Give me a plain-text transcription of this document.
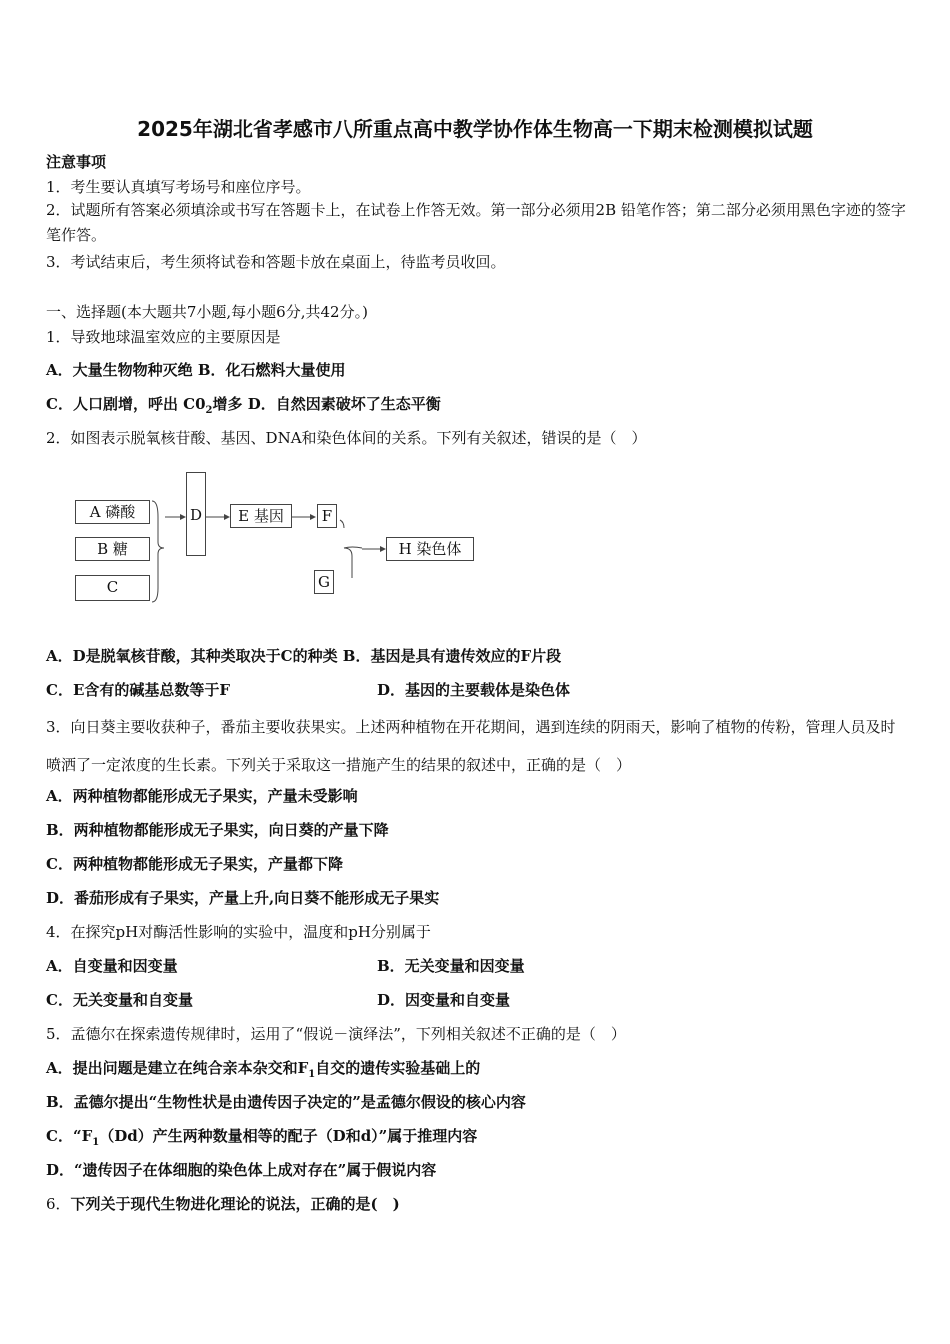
2025年湖北省孝感市八所重点高中教学协作体生物高一下期末检测模拟试题
注意事项
1．考生要认真填写考场号和座位序号。
2．试题所有答案必须填涂或书写在答题卡上，在试卷上作答无效。第一部分必须用2B 铅笔作答；第二部分必须用黑色字迹的签字笔作答。
3．考试结束后，考生须将试卷和答题卡放在桌面上，待监考员收回。
一、选择题(本大题共7小题,每小题6分,共42分。)
1．导致地球温室效应的主要原因是
A．大量生物物种灭绝 B．化石燃料大量使用
C．人口剧增，呼出 $C0_2$增多 D．自然因素破坏了生态平衡
2．如图表示脱氧核苷酸、基因、DNA和染色体间的关系。下列有关叙述，错误的是（　）
A 磷酸
B 糖
C
D	E 基因	F
G
H 染色体
A．D是脱氧核苷酸，其种类取决于C的种类 B．基因是具有遗传效应的F片段
C．E含有的碱基总数等于F	D．基因的主要载体是染色体
3．向日葵主要收获种子，番茄主要收获果实。上述两种植物在开花期间，遇到连续的阴雨天，影响了植物的传粉，管理人员及时喷洒了一定浓度的生长素。下列关于采取这一措施产生的结果的叙述中，正确的是（　）
A．两种植物都能形成无子果实，产量未受影响
B．两种植物都能形成无子果实，向日葵的产量下降
C．两种植物都能形成无子果实，产量都下降
D．番茄形成有子果实，产量上升,向日葵不能形成无子果实
4．在探究pH对酶活性影响的实验中，温度和pH分别属于
A．自变量和因变量	B．无关变量和因变量
C．无关变量和自变量	D．因变量和自变量
5．孟德尔在探索遗传规律时，运用了“假说－演绎法”，下列相关叙述不正确的是（　）
A．提出问题是建立在纯合亲本杂交和$F_1$自交的遗传实验基础上的
B．孟德尔提出“生物性状是由遗传因子决定的”是孟德尔假设的核心内容
C．“$F_1(Dd)$产生两种数量相等的配子（D和d）”属于推理内容
D．“遗传因子在体细胞的染色体上成对存在”属于假说内容
6．下列关于现代生物进化理论的说法，正确的是(　)
